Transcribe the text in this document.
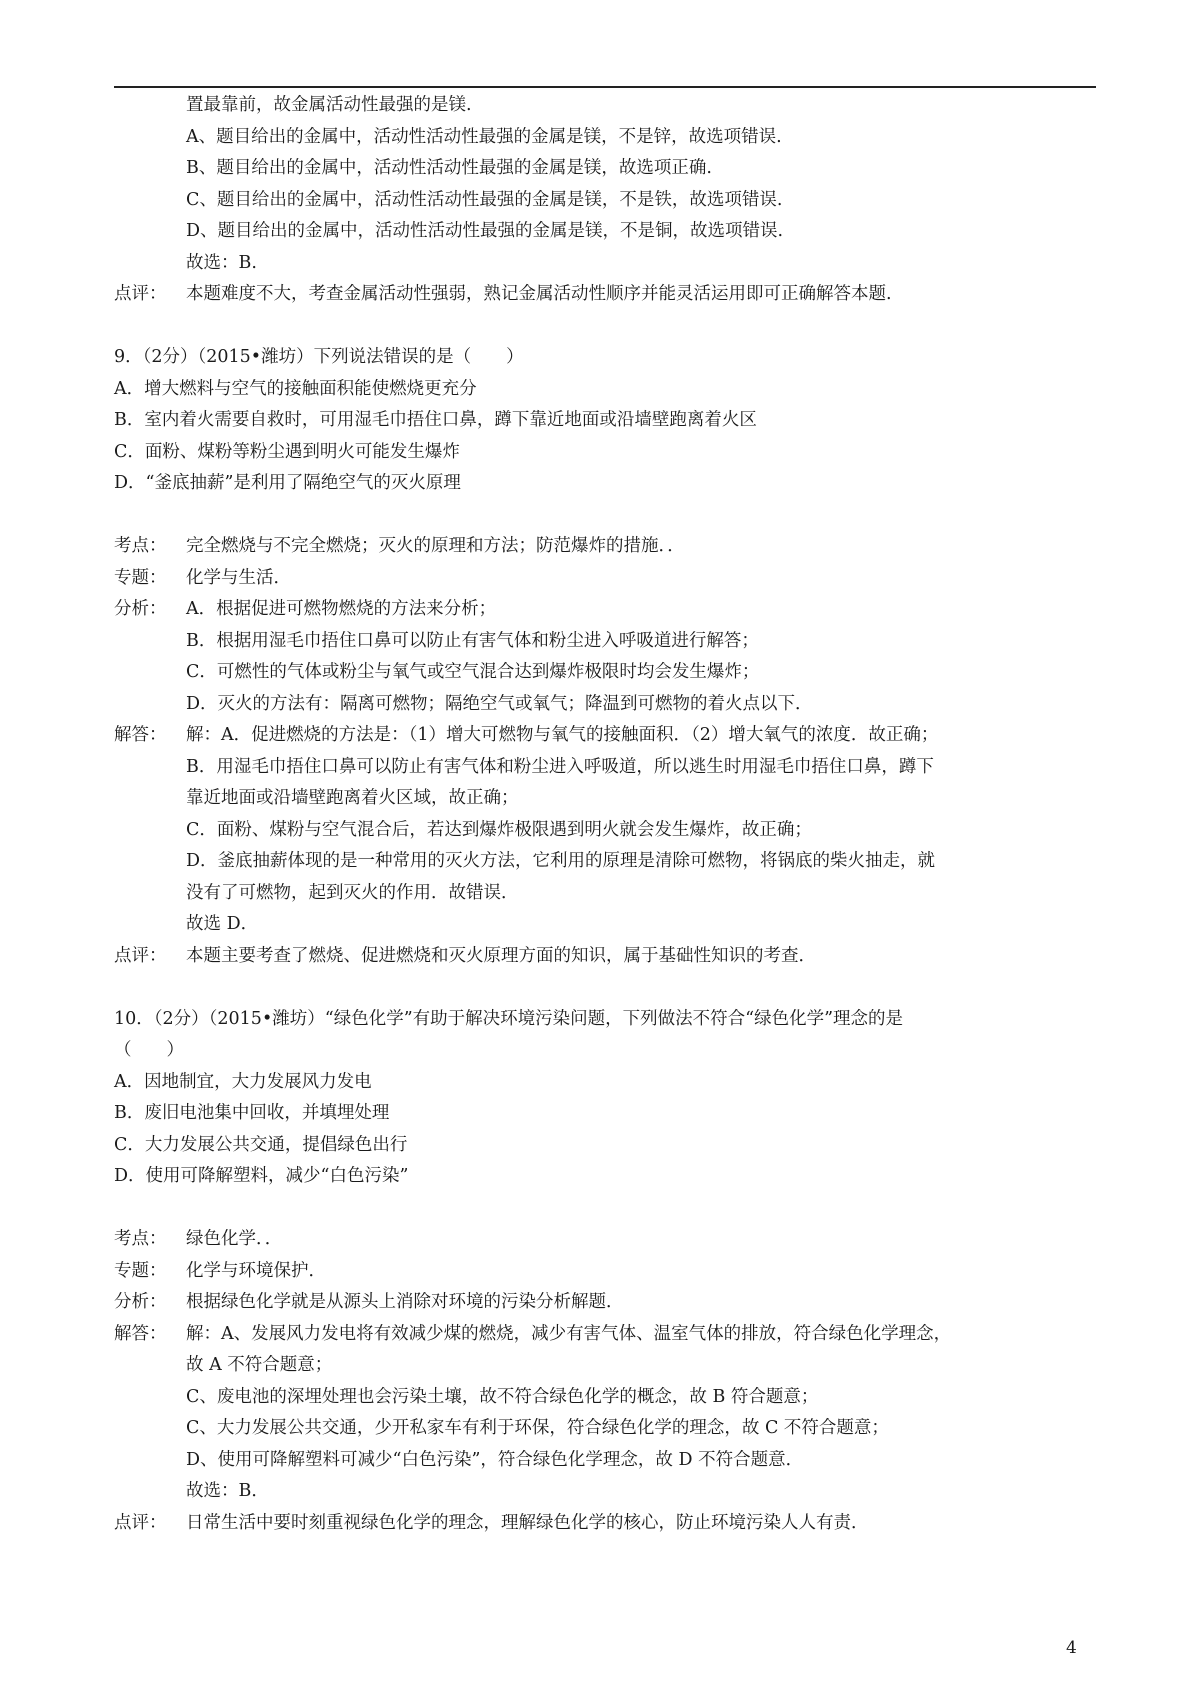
置最靠前，故金属活动性最强的是镁.
A、题目给出的金属中，活动性活动性最强的金属是镁，不是锌，故选项错误.
B、题目给出的金属中，活动性活动性最强的金属是镁，故选项正确.
C、题目给出的金属中，活动性活动性最强的金属是镁，不是铁，故选项错误.
D、题目给出的金属中，活动性活动性最强的金属是镁，不是铜，故选项错误.
故选：B.
点评：	本题难度不大，考查金属活动性强弱，熟记金属活动性顺序并能灵活运用即可正确解答本题.
9．（2分）（2015•潍坊）下列说法错误的是（　　）
A．增大燃料与空气的接触面积能使燃烧更充分
B．室内着火需要自救时，可用湿毛巾捂住口鼻，蹲下靠近地面或沿墙壁跑离着火区
C．面粉、煤粉等粉尘遇到明火可能发生爆炸
D．“釜底抽薪”是利用了隔绝空气的灭火原理
考点：	完全燃烧与不完全燃烧；灭火的原理和方法；防范爆炸的措施．．
专题：	化学与生活．
分析：	A．根据促进可燃物燃烧的方法来分析；
B．根据用湿毛巾捂住口鼻可以防止有害气体和粉尘进入呼吸道进行解答；
C．可燃性的气体或粉尘与氧气或空气混合达到爆炸极限时均会发生爆炸；
D．灭火的方法有：隔离可燃物；隔绝空气或氧气；降温到可燃物的着火点以下．
解答：	解：A．促进燃烧的方法是：（1）增大可燃物与氧气的接触面积．（2）增大氧气的浓度．故正确；
B．用湿毛巾捂住口鼻可以防止有害气体和粉尘进入呼吸道，所以逃生时用湿毛巾捂住口鼻，蹲下
靠近地面或沿墙壁跑离着火区域，故正确；
C．面粉、煤粉与空气混合后，若达到爆炸极限遇到明火就会发生爆炸，故正确；
D．釜底抽薪体现的是一种常用的灭火方法，它利用的原理是清除可燃物，将锅底的柴火抽走，就
没有了可燃物，起到灭火的作用．故错误．
故选 D．
点评：	本题主要考查了燃烧、促进燃烧和灭火原理方面的知识，属于基础性知识的考查．
10．（2分）（2015•潍坊）“绿色化学”有助于解决环境污染问题，下列做法不符合“绿色化学”理念的是
（　　）
A．因地制宜，大力发展风力发电
B．废旧电池集中回收，并填埋处理
C．大力发展公共交通，提倡绿色出行
D．使用可降解塑料，减少“白色污染”
考点：	绿色化学．．
专题：	化学与环境保护．
分析：	根据绿色化学就是从源头上消除对环境的污染分析解题．
解答：	解：A、发展风力发电将有效减少煤的燃烧，减少有害气体、温室气体的排放，符合绿色化学理念，
故 A 不符合题意；
C、废电池的深埋处理也会污染土壤，故不符合绿色化学的概念，故 B 符合题意；
C、大力发展公共交通，少开私家车有利于环保，符合绿色化学的理念，故 C 不符合题意；
D、使用可降解塑料可减少“白色污染”，符合绿色化学理念，故 D 不符合题意．
故选：B．
点评：	日常生活中要时刻重视绿色化学的理念，理解绿色化学的核心，防止环境污染人人有责．
4
